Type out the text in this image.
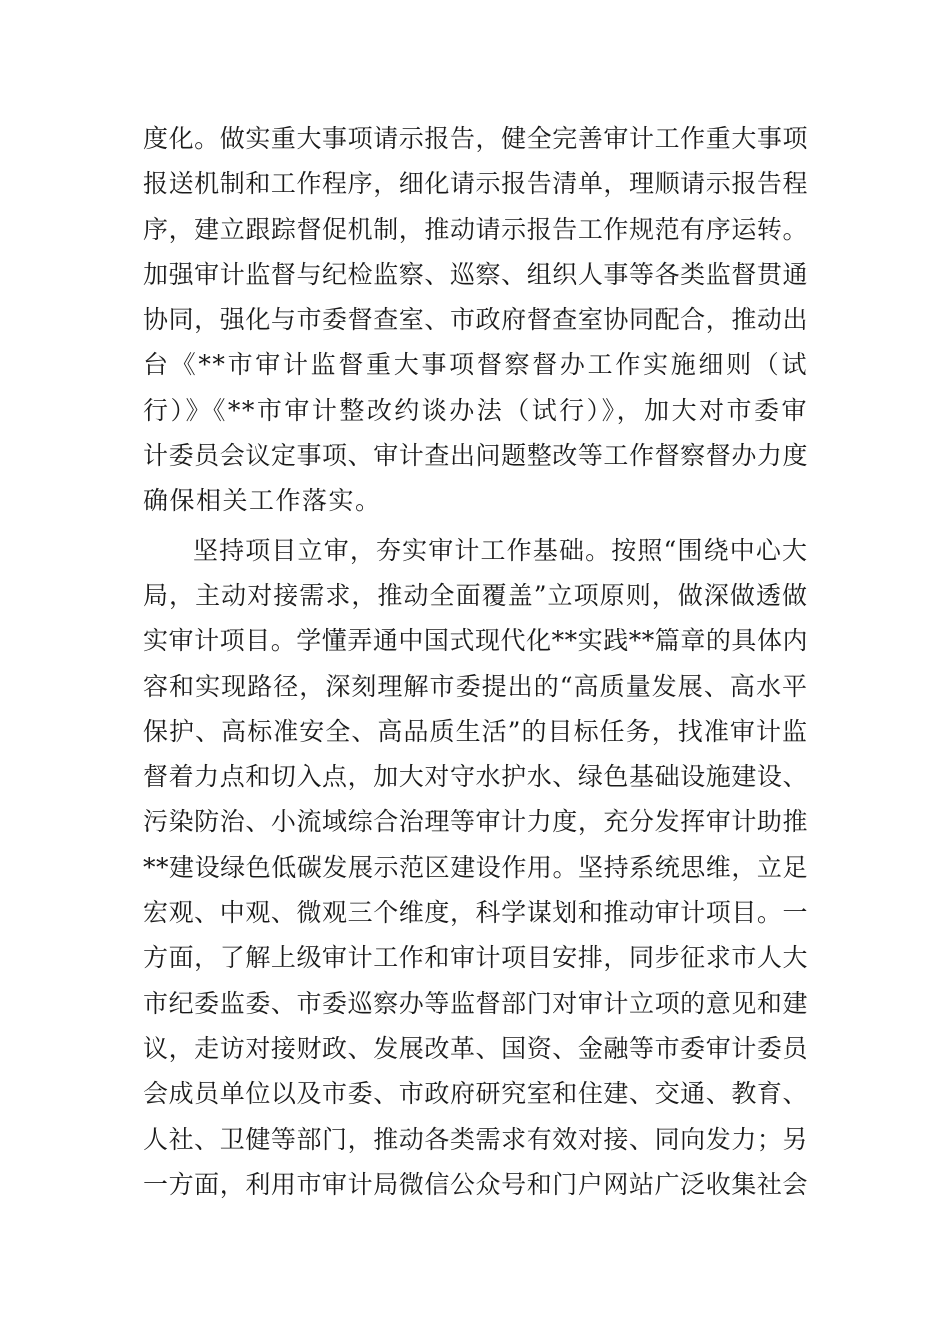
度化。做实重大事项请示报告，健全完善审计工作重大事项
报送机制和工作程序，细化请示报告清单，理顺请示报告程
序，建立跟踪督促机制，推动请示报告工作规范有序运转。
加强审计监督与纪检监察、巡察、组织人事等各类监督贯通
协同，强化与市委督查室、市政府督查室协同配合，推动出
台《**市审计监督重大事项督察督办工作实施细则（试
行）》《**市审计整改约谈办法（试行）》，加大对市委审
计委员会议定事项、审计查出问题整改等工作督察督办力度
确保相关工作落实。
坚持项目立审，夯实审计工作基础。按照“围绕中心大
局，主动对接需求，推动全面覆盖”立项原则，做深做透做
实审计项目。学懂弄通中国式现代化**实践**篇章的具体内
容和实现路径，深刻理解市委提出的“高质量发展、高水平
保护、高标准安全、高品质生活”的目标任务，找准审计监
督着力点和切入点，加大对守水护水、绿色基础设施建设、
污染防治、小流域综合治理等审计力度，充分发挥审计助推
**建设绿色低碳发展示范区建设作用。坚持系统思维，立足
宏观、中观、微观三个维度，科学谋划和推动审计项目。一
方面，了解上级审计工作和审计项目安排，同步征求市人大
市纪委监委、市委巡察办等监督部门对审计立项的意见和建
议，走访对接财政、发展改革、国资、金融等市委审计委员
会成员单位以及市委、市政府研究室和住建、交通、教育、
人社、卫健等部门，推动各类需求有效对接、同向发力；另
一方面，利用市审计局微信公众号和门户网站广泛收集社会
